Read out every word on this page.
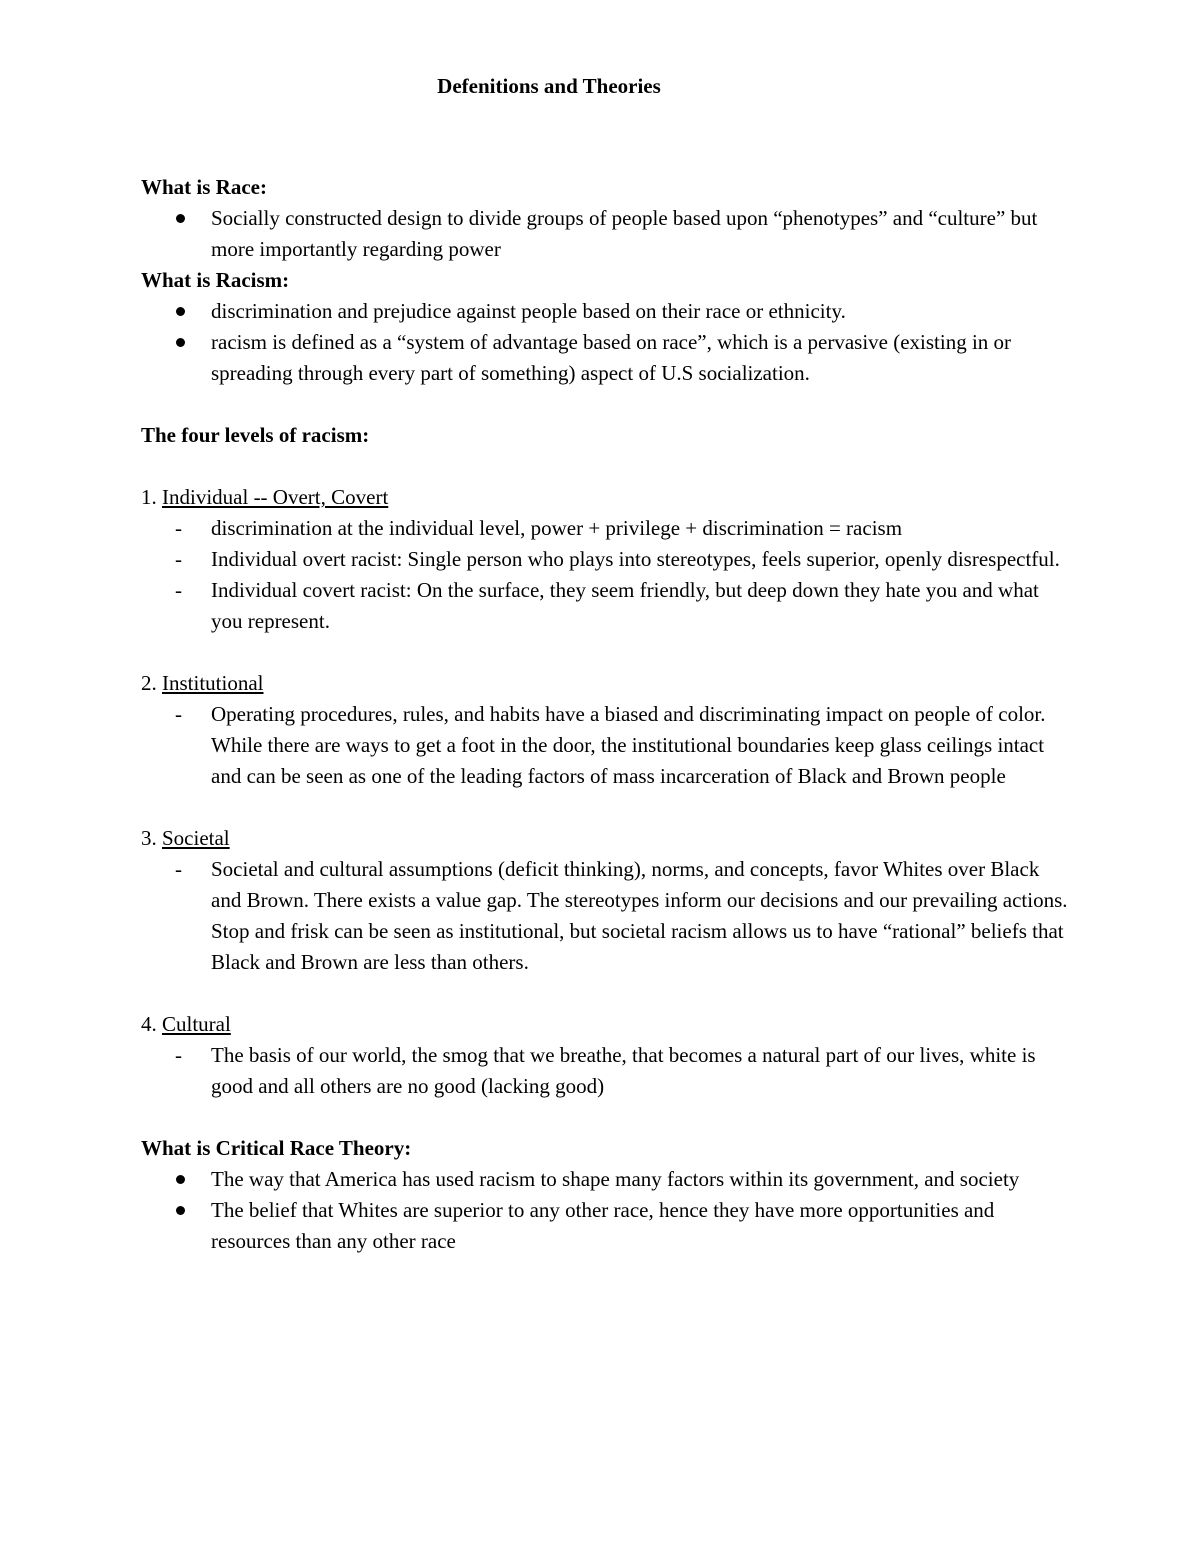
Defenitions and Theories

What is Race:

Socially constructed design to divide groups of people based upon “phenotypes” and “culture” but more importantly regarding power

What is Racism:

discrimination and prejudice against people based on their race or ethnicity.
racism is defined as a “system of advantage based on race”, which is a pervasive (existing in or spreading through every part of something) aspect of U.S socialization.

The four levels of racism:

1. Individual -- Overt, Covert

- discrimination at the individual level, power + privilege + discrimination = racism
- Individual overt racist: Single person who plays into stereotypes, feels superior, openly disrespectful.
- Individual covert racist: On the surface, they seem friendly, but deep down they hate you and what you represent.

2. Institutional

- Operating procedures, rules, and habits have a biased and discriminating impact on people of color. While there are ways to get a foot in the door, the institutional boundaries keep glass ceilings intact and can be seen as one of the leading factors of mass incarceration of Black and Brown people

3. Societal

- Societal and cultural assumptions (deficit thinking), norms, and concepts, favor Whites over Black and Brown. There exists a value gap. The stereotypes inform our decisions and our prevailing actions. Stop and frisk can be seen as institutional, but societal racism allows us to have “rational” beliefs that Black and Brown are less than others.

4. Cultural

- The basis of our world, the smog that we breathe, that becomes a natural part of our lives, white is good and all others are no good (lacking good)

What is Critical Race Theory:

The way that America has used racism to shape many factors within its government, and society
The belief that Whites are superior to any other race, hence they have more opportunities and resources than any other race
